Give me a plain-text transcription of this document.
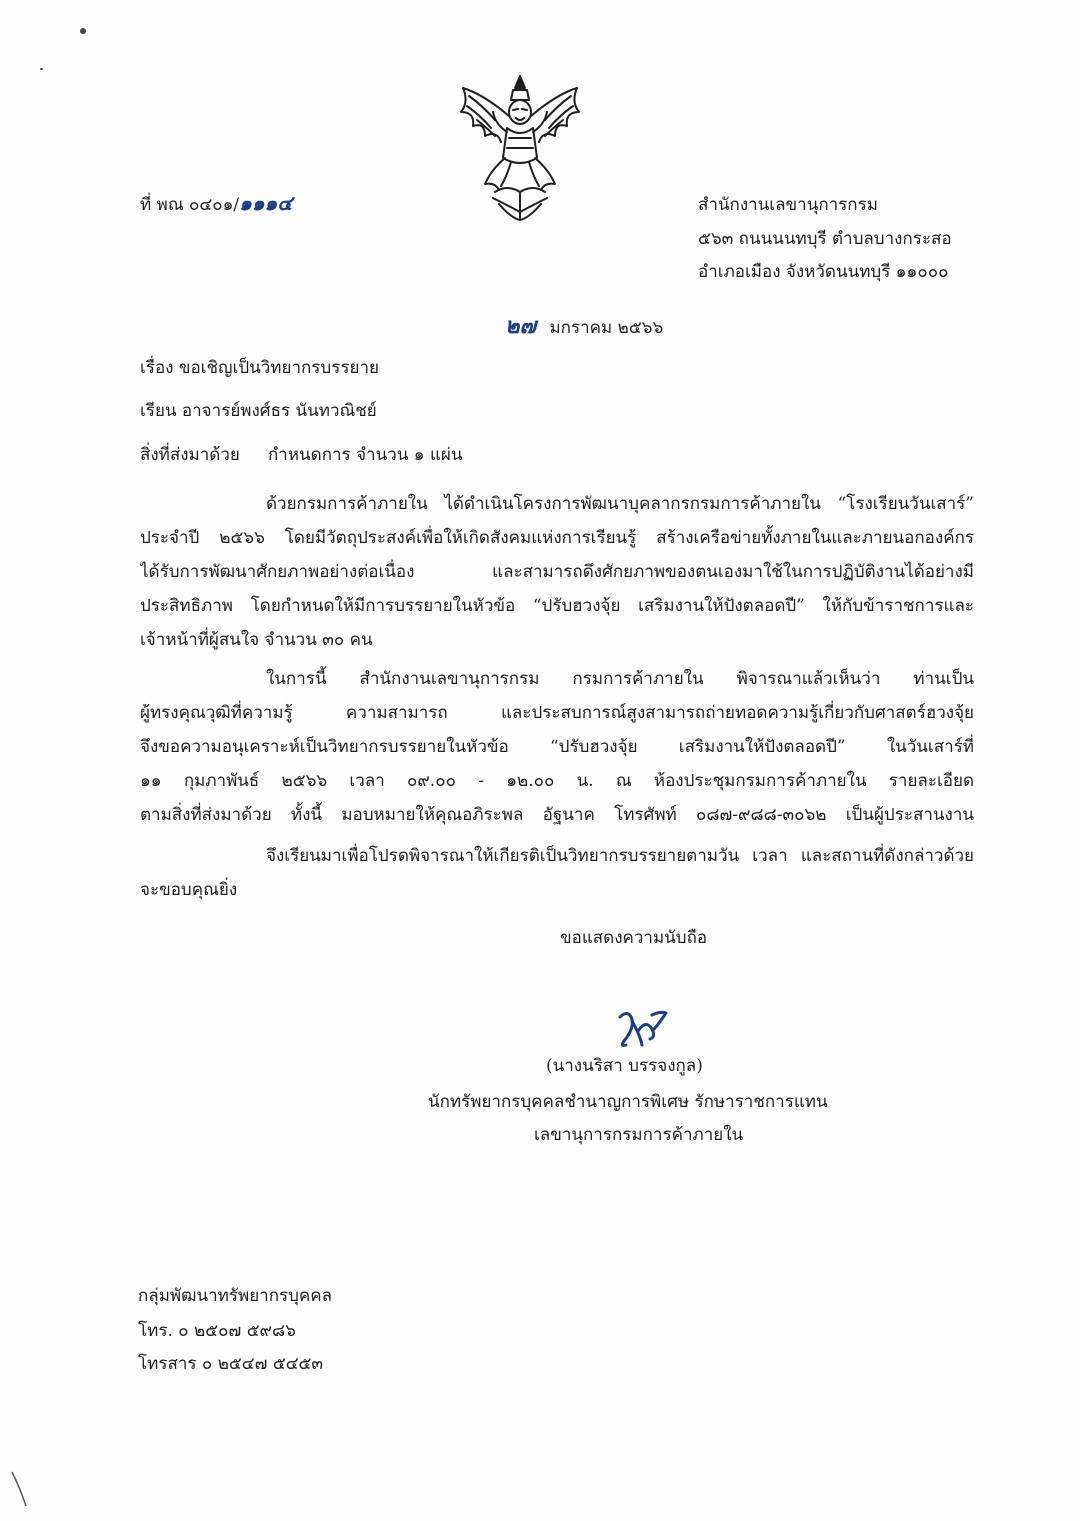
ที่ พณ ๐๔๐๑/๑๑๑๔	สำนักงานเลขานุการกรม
๕๖๓ ถนนนนทบุรี ตำบลบางกระสอ
อำเภอเมือง จังหวัดนนทบุรี ๑๑๐๐๐
๒๗ มกราคม ๒๕๖๖
เรื่อง ขอเชิญเป็นวิทยากรบรรยาย
เรียน อาจารย์พงศ์ธร นันทวณิชย์
สิ่งที่ส่งมาด้วย กำหนดการ จำนวน ๑ แผ่น
ด้วยกรมการค้าภายใน ได้ดำเนินโครงการพัฒนาบุคลากรกรมการค้าภายใน “โรงเรียนวันเสาร์”
ประจำปี ๒๕๖๖ โดยมีวัตถุประสงค์เพื่อให้เกิดสังคมแห่งการเรียนรู้ สร้างเครือข่ายทั้งภายในและภายนอกองค์กร
ได้รับการพัฒนาศักยภาพอย่างต่อเนื่อง และสามารถดึงศักยภาพของตนเองมาใช้ในการปฏิบัติงานได้อย่างมี
ประสิทธิภาพ โดยกำหนดให้มีการบรรยายในหัวข้อ “ปรับฮวงจุ้ย เสริมงานให้ปังตลอดปี” ให้กับข้าราชการและ
เจ้าหน้าที่ผู้สนใจ จำนวน ๓๐ คน
ในการนี้ สำนักงานเลขานุการกรม กรมการค้าภายใน พิจารณาแล้วเห็นว่า ท่านเป็น
ผู้ทรงคุณวุฒิที่ความรู้ ความสามารถ และประสบการณ์สูงสามารถถ่ายทอดความรู้เกี่ยวกับศาสตร์ฮวงจุ้ย
จึงขอความอนุเคราะห์เป็นวิทยากรบรรยายในหัวข้อ “ปรับฮวงจุ้ย เสริมงานให้ปังตลอดปี” ในวันเสาร์ที่
๑๑ กุมภาพันธ์ ๒๕๖๖ เวลา ๐๙.๐๐ - ๑๒.๐๐ น. ณ ห้องประชุมกรมการค้าภายใน รายละเอียด
ตามสิ่งที่ส่งมาด้วย ทั้งนี้ มอบหมายให้คุณอภิระพล อัฐนาค โทรศัพท์ ๐๘๗-๙๘๘-๓๐๖๒ เป็นผู้ประสานงาน
จึงเรียนมาเพื่อโปรดพิจารณาให้เกียรติเป็นวิทยากรบรรยายตามวัน เวลา และสถานที่ดังกล่าวด้วย
จะขอบคุณยิ่ง
ขอแสดงความนับถือ
(นางนริสา บรรจงกูล)
นักทรัพยากรบุคคลชำนาญการพิเศษ รักษาราชการแทน
เลขานุการกรมการค้าภายใน
กลุ่มพัฒนาทรัพยากรบุคคล
โทร. ๐ ๒๕๐๗ ๕๙๘๖
โทรสาร ๐ ๒๕๔๗ ๕๔๕๓
